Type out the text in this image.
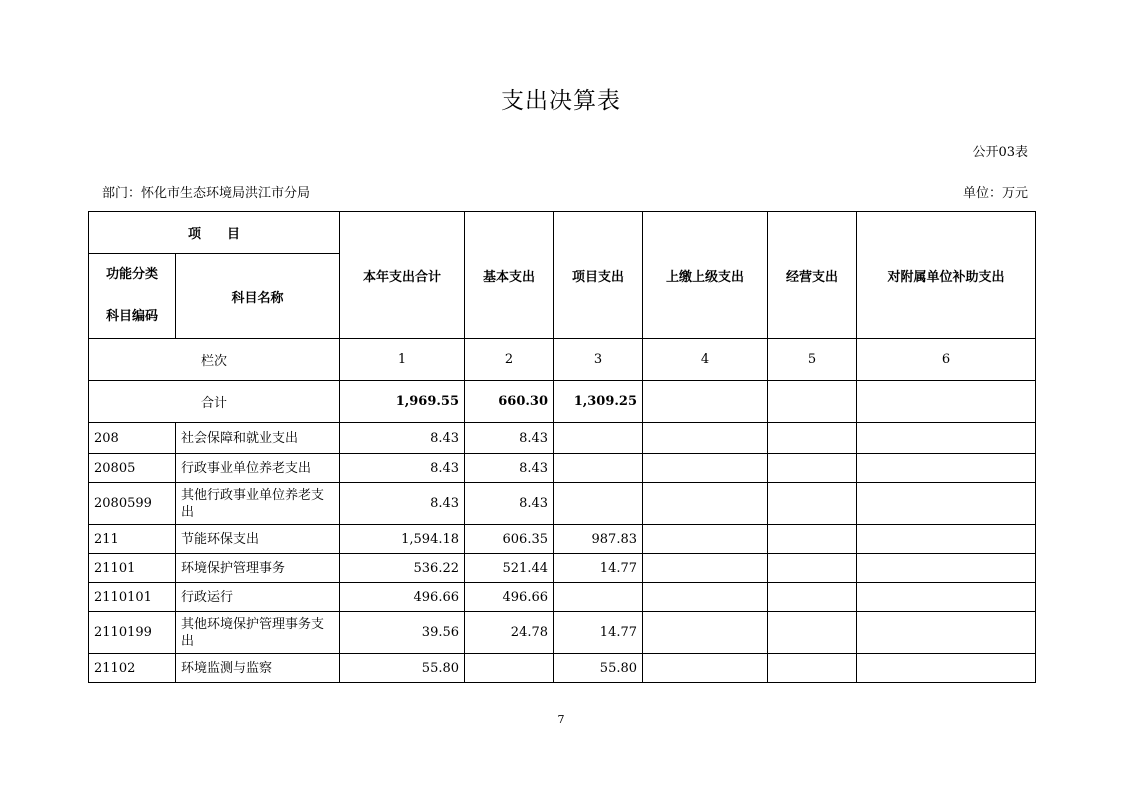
支出决算表
公开03表
部门：怀化市生态环境局洪江市分局	单位：万元
项　　目		本年支出合计	基本支出	项目支出	上缴上级支出	经营支出	对附属单位补助支出

功能分类
科目编码	科目名称						
栏次		1	2	3	4	5	6
合计		1,969.55	660.30	1,309.25			
208	社会保障和就业支出	8.43	8.43				
20805	行政事业单位养老支出	8.43	8.43				
2080599	其他行政事业单位养老支出	8.43	8.43				
211	节能环保支出	1,594.18	606.35	987.83			
21101	环境保护管理事务	536.22	521.44	14.77			
2110101	行政运行	496.66	496.66				
2110199	其他环境保护管理事务支出	39.56	24.78	14.77			
21102	环境监测与监察	55.80		55.80			
7
